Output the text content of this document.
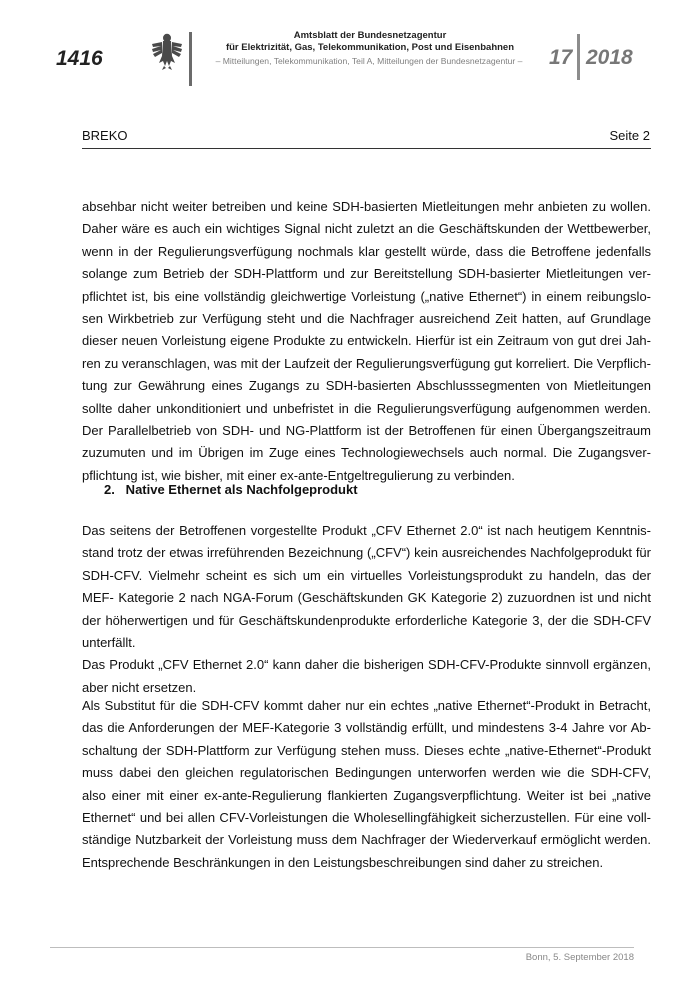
1416
Amtsblatt der Bundesnetzagentur
für Elektrizität, Gas, Telekommunikation, Post und Eisenbahnen
– Mitteilungen, Telekommunikation, Teil A, Mitteilungen der Bundesnetzagentur –	17 2018
BREKO	Seite 2

absehbar nicht weiter betreiben und keine SDH-basierten Mietleitungen mehr anbieten zu wollen.
Daher wäre es auch ein wichtiges Signal nicht zuletzt an die Geschäftskunden der Wettbewerber,
wenn in der Regulierungsverfügung nochmals klar gestellt würde, dass die Betroffene jedenfalls
solange zum Betrieb der SDH-Plattform und zur Bereitstellung SDH-basierter Mietleitungen ver-
pflichtet ist, bis eine vollständig gleichwertige Vorleistung („native Ethernet“) in einem reibungslo-
sen Wirkbetrieb zur Verfügung steht und die Nachfrager ausreichend Zeit hatten, auf Grundlage
dieser neuen Vorleistung eigene Produkte zu entwickeln. Hierfür ist ein Zeitraum von gut drei Jah-
ren zu veranschlagen, was mit der Laufzeit der Regulierungsverfügung gut korreliert. Die Verpflich-
tung zur Gewährung eines Zugangs zu SDH-basierten Abschlusssegmenten von Mietleitungen
sollte daher unkonditioniert und unbefristet in die Regulierungsverfügung aufgenommen werden.
Der Parallelbetrieb von SDH- und NG-Plattform ist der Betroffenen für einen Übergangszeitraum
zuzumuten und im Übrigen im Zuge eines Technologiewechsels auch normal. Die Zugangsver-
pflichtung ist, wie bisher, mit einer ex-ante-Entgeltregulierung zu verbinden.

2.   Native Ethernet als Nachfolgeprodukt

Das seitens der Betroffenen vorgestellte Produkt „CFV Ethernet 2.0“ ist nach heutigem Kenntnis-
stand trotz der etwas irreführenden Bezeichnung („CFV“) kein ausreichendes Nachfolgeprodukt für
SDH-CFV. Vielmehr scheint es sich um ein virtuelles Vorleistungsprodukt zu handeln, das der
MEF- Kategorie 2 nach NGA-Forum (Geschäftskunden GK Kategorie 2) zuzuordnen ist und nicht
der höherwertigen und für Geschäftskundenprodukte erforderliche Kategorie 3, der die SDH-CFV
unterfällt.
Das Produkt „CFV Ethernet 2.0“ kann daher die bisherigen SDH-CFV-Produkte sinnvoll ergänzen,
aber nicht ersetzen.

Als Substitut für die SDH-CFV kommt daher nur ein echtes „native Ethernet“-Produkt in Betracht,
das die Anforderungen der MEF-Kategorie 3 vollständig erfüllt, und mindestens 3-4 Jahre vor Ab-
schaltung der SDH-Plattform zur Verfügung stehen muss. Dieses echte „native-Ethernet“-Produkt
muss dabei den gleichen regulatorischen Bedingungen unterworfen werden wie die SDH-CFV,
also einer mit einer ex-ante-Regulierung flankierten Zugangsverpflichtung. Weiter ist bei „native
Ethernet“ und bei allen CFV-Vorleistungen die Wholesellingfähigkeit sicherzustellen. Für eine voll-
ständige Nutzbarkeit der Vorleistung muss dem Nachfrager der Wiederverkauf ermöglicht werden.
Entsprechende Beschränkungen in den Leistungsbeschreibungen sind daher zu streichen.

Bonn, 5. September 2018
